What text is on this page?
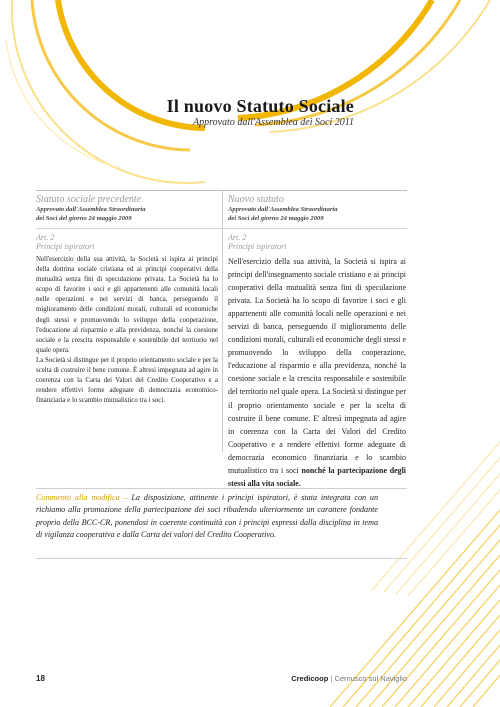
Il nuovo Statuto Sociale
Approvato dall'Assemblea dei Soci 2011
Statuto sociale precedente
Approvato dall'Assemblea Straordinaria
dei Soci del giorno 24 maggio 2009
Nuovo statuto
Approvato dall'Assemblea Straordinaria
dei Soci del giorno 24 maggio 2009
Art. 2
Principi ispiratori
Art. 2
Principi ispiratori

Nell'esercizio della sua attività, la Società si ispira ai principi della dottrina sociale cristiana ed ai principi cooperativi della mutualità senza fini di speculazione privata. La Società ha lo scopo di favorire i soci e gli appartenenti alle comunità locali nelle operazioni e nei servizi di banca, perseguendo il miglioramento delle condizioni morali, culturali ed economiche degli stessi e promuovendo lo sviluppo della cooperazione, l'educazione al risparmio e alla previdenza, nonché la coesione sociale e la crescita responsabile e sostenibile del territorio nel quale opera.

La Società si distingue per il proprio orientamento sociale e per la scelta di costruire il bene comune. È altresì impegnata ad agire in coerenza con la Carta dei Valori del Credito Cooperativo e a rendere effettivi forme adeguate di democrazia economico-finanziaria e lo scambio mutualistico tra i soci.

Nell'esercizio della sua attività, la Società si ispira ai principi dell'insegnamento sociale cristiano e ai principi cooperativi della mutualità senza fini di speculazione privata. La Società ha lo scopo di favorire i soci e gli appartenenti alle comunità locali nelle operazioni e nei servizi di banca, perseguendo il miglioramento delle condizioni morali, culturali ed economiche degli stessi e promuovendo lo sviluppo della cooperazione, l'educazione al risparmio e alla previdenza, nonché la coesione sociale e la crescita responsabile e sostenibile del territorio nel quale opera. La Società si distingue per il proprio orientamento sociale e per la scelta di costruire il bene comune. E' altresì impegnata ad agire in coerenza con la Carta dei Valori del Credito Cooperativo e a rendere effettivi forme adeguate di democrazia economico finanziaria e lo scambio mutualistico tra i soci nonché la partecipazione degli stessi alla vita sociale.

Commento alla modifica – La disposizione, attinente i principi ispiratori, è stata integrata con un richiamo alla promozione della partecipazione dei soci ribadendo ulteriormente un carattere fondante proprio della BCC-CR, ponendosi in coerente continuità con i principi espressi dalla disciplina in tema di vigilanza cooperativa e dalla Carta dei valori del Credito Cooperativo.
18	Credicoop | Cernusco sul Naviglio
